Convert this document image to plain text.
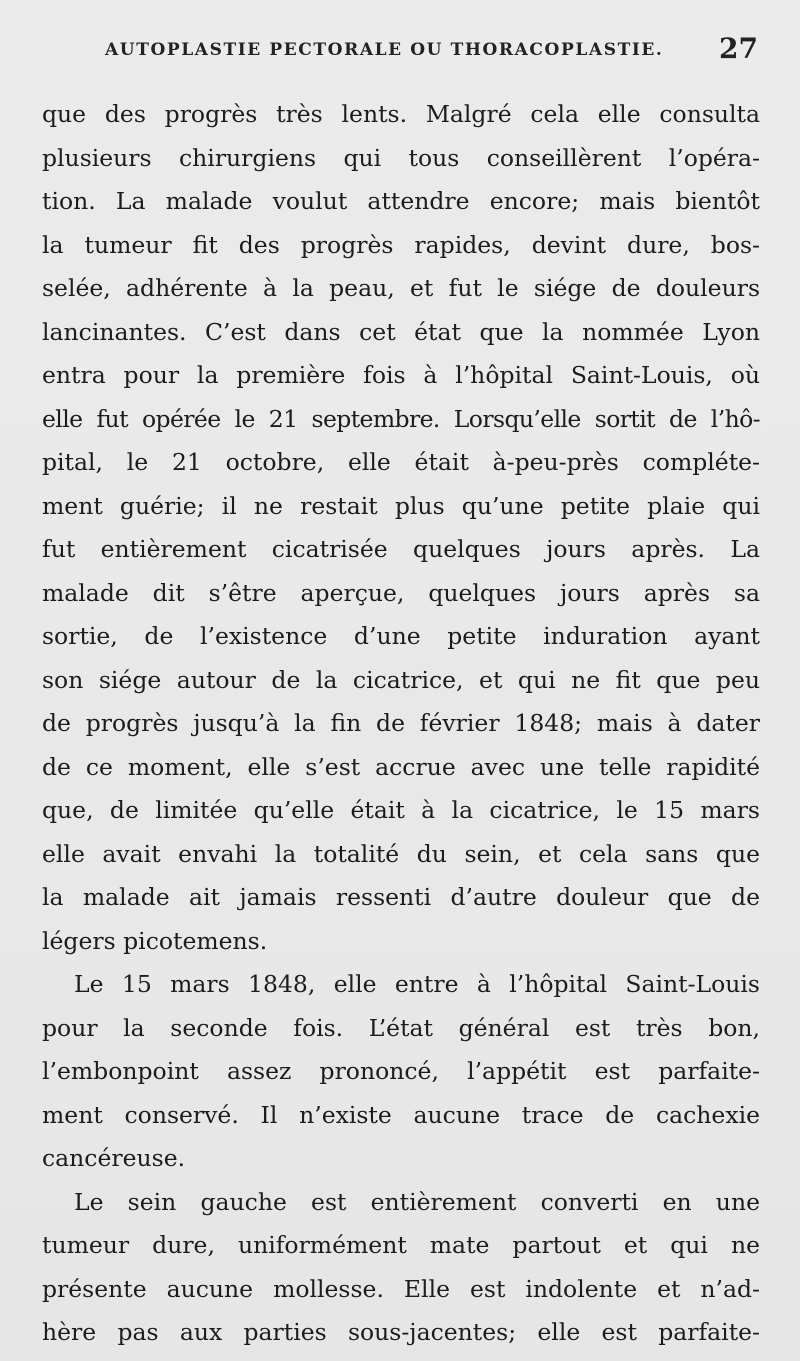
AUTOPLASTIE PECTORALE OU THORACOPLASTIE. 27
que des progrès très lents. Malgré cela elle consulta
plusieurs chirurgiens qui tous conseillèrent l’opéra-
tion. La malade voulut attendre encore; mais bientôt
la tumeur fit des progrès rapides, devint dure, bos-
selée, adhérente à la peau, et fut le siége de douleurs
lancinantes. C’est dans cet état que la nommée Lyon
entra pour la première fois à l’hôpital Saint-Louis, où
elle fut opérée le 21 septembre. Lorsqu’elle sortit de l’hô-
pital, le 21 octobre, elle était à-peu-près compléte-
ment guérie; il ne restait plus qu’une petite plaie qui
fut entièrement cicatrisée quelques jours après. La
malade dit s’être aperçue, quelques jours après sa
sortie, de l’existence d’une petite induration ayant
son siége autour de la cicatrice, et qui ne fit que peu
de progrès jusqu’à la fin de février 1848; mais à dater
de ce moment, elle s’est accrue avec une telle rapidité
que, de limitée qu’elle était à la cicatrice, le 15 mars
elle avait envahi la totalité du sein, et cela sans que
la malade ait jamais ressenti d’autre douleur que de
légers picotemens.
Le 15 mars 1848, elle entre à l’hôpital Saint-Louis
pour la seconde fois. L’état général est très bon,
l’embonpoint assez prononcé, l’appétit est parfaite-
ment conservé. Il n’existe aucune trace de cachexie
cancéreuse.
Le sein gauche est entièrement converti en une
tumeur dure, uniformément mate partout et qui ne
présente aucune mollesse. Elle est indolente et n’ad-
hère pas aux parties sous-jacentes; elle est parfaite-
